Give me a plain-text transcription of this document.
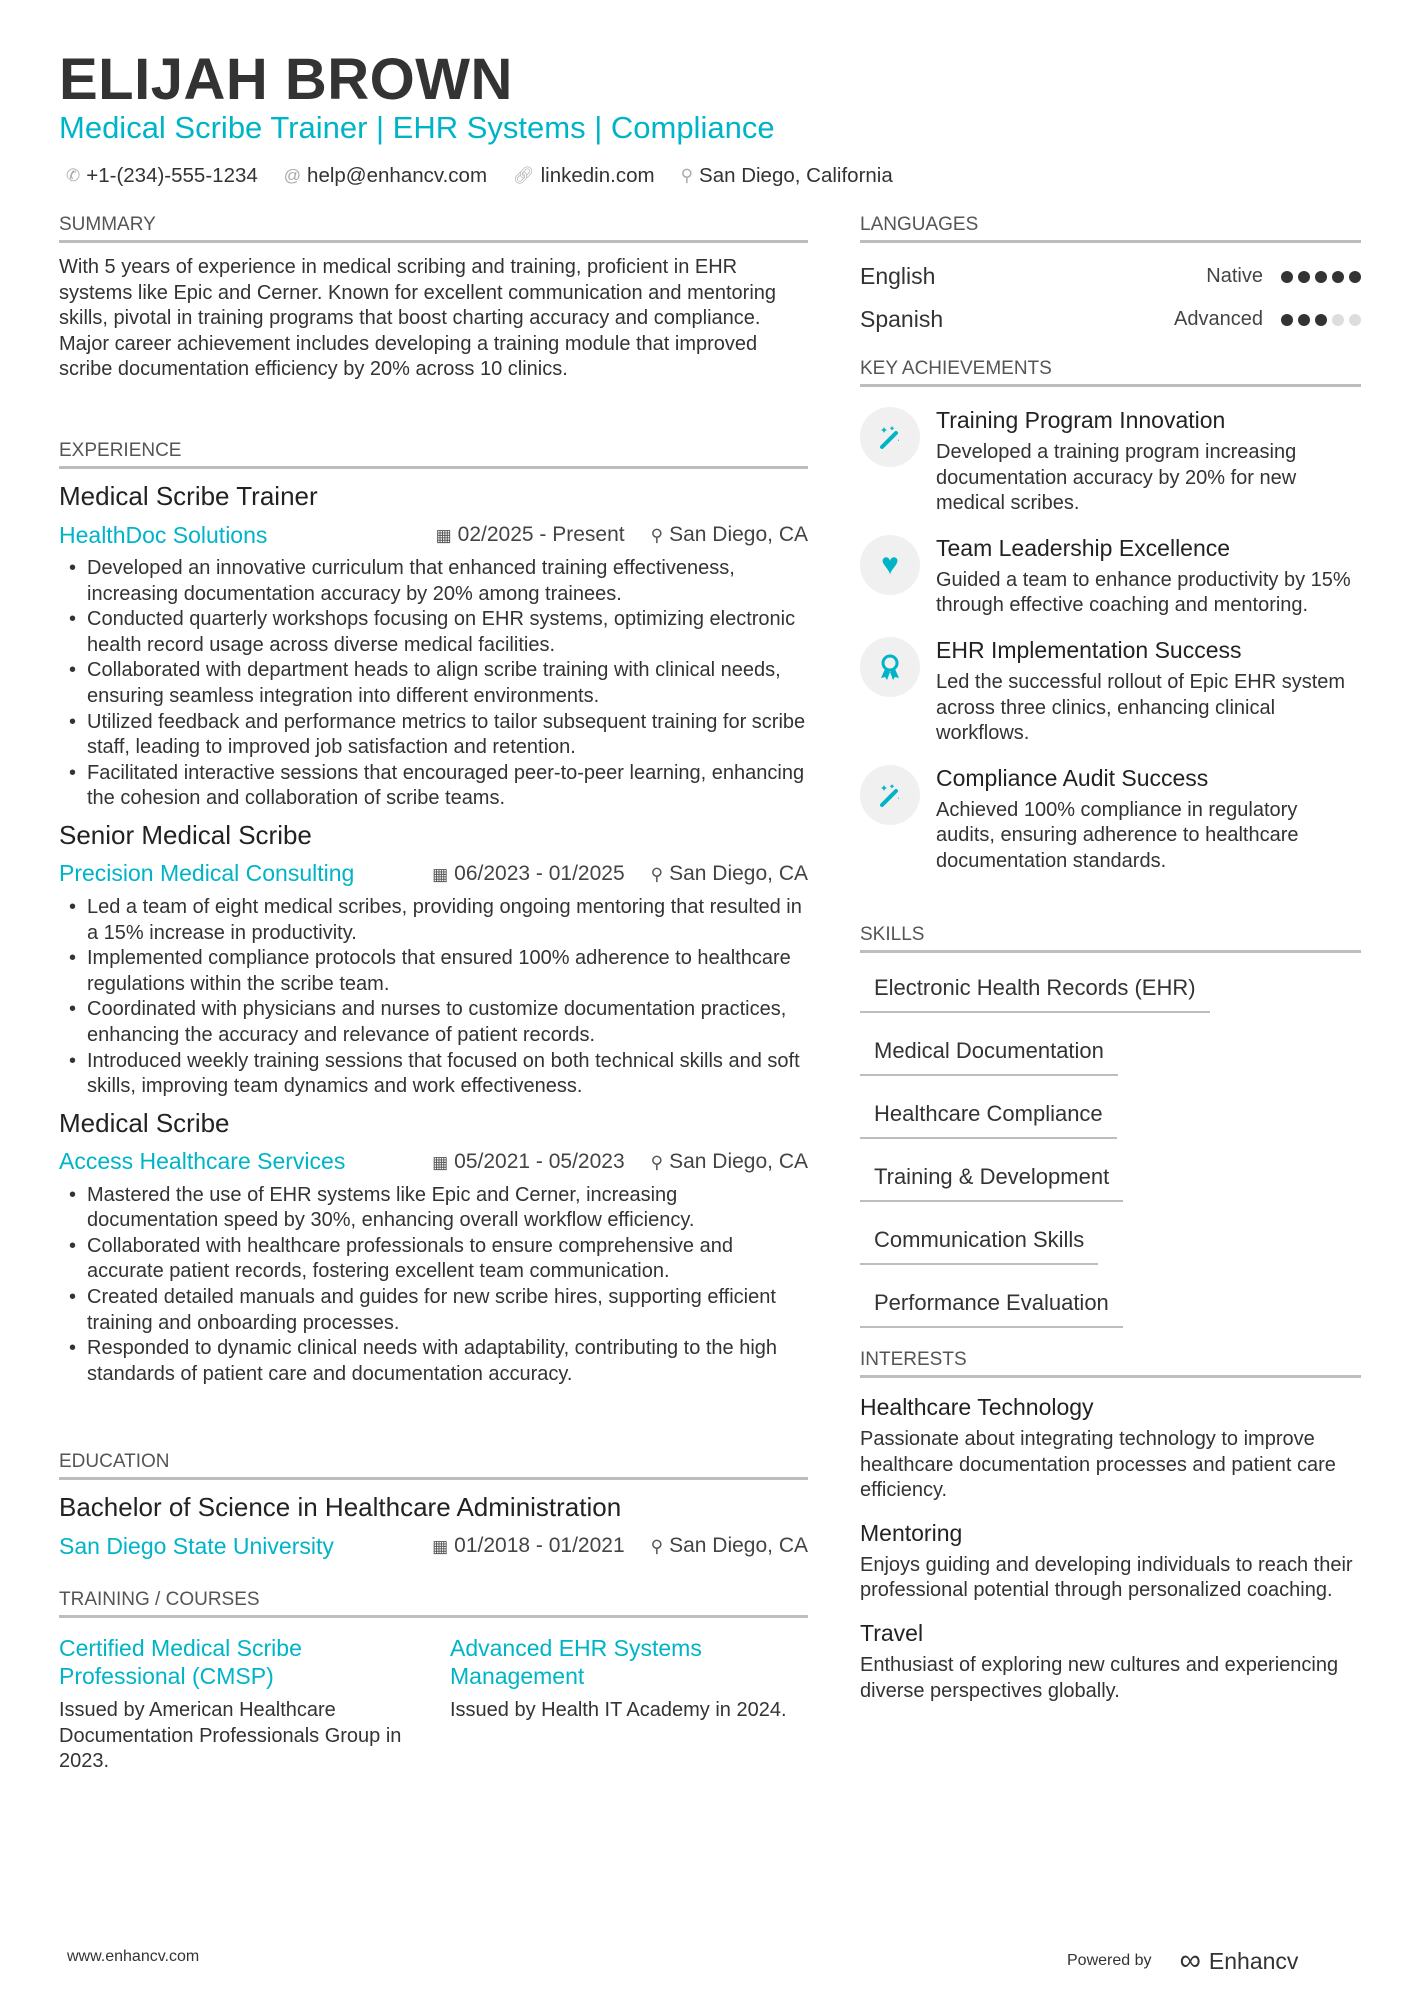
ELIJAH BROWN
Medical Scribe Trainer | EHR Systems | Compliance
✆ +1-(234)-555-1234 @ help@enhancv.com 🔗︎ linkedin.com ⚲ San Diego, California
SUMMARY
With 5 years of experience in medical scribing and training, proficient in EHR systems like Epic and Cerner. Known for excellent communication and mentoring skills, pivotal in training programs that boost charting accuracy and compliance. Major career achievement includes developing a training module that improved scribe documentation efficiency by 20% across 10 clinics.
EXPERIENCE
Medical Scribe Trainer
HealthDoc Solutions	▦ 02/2025 - Present ⚲ San Diego, CA
• Developed an innovative curriculum that enhanced training effectiveness, increasing documentation accuracy by 20% among trainees.
• Conducted quarterly workshops focusing on EHR systems, optimizing electronic health record usage across diverse medical facilities.
• Collaborated with department heads to align scribe training with clinical needs, ensuring seamless integration into different environments.
• Utilized feedback and performance metrics to tailor subsequent training for scribe staff, leading to improved job satisfaction and retention.
• Facilitated interactive sessions that encouraged peer-to-peer learning, enhancing the cohesion and collaboration of scribe teams.
Senior Medical Scribe
Precision Medical Consulting	▦ 06/2023 - 01/2025 ⚲ San Diego, CA
• Led a team of eight medical scribes, providing ongoing mentoring that resulted in a 15% increase in productivity.
• Implemented compliance protocols that ensured 100% adherence to healthcare regulations within the scribe team.
• Coordinated with physicians and nurses to customize documentation practices, enhancing the accuracy and relevance of patient records.
• Introduced weekly training sessions that focused on both technical skills and soft skills, improving team dynamics and work effectiveness.
Medical Scribe
Access Healthcare Services	▦ 05/2021 - 05/2023 ⚲ San Diego, CA
• Mastered the use of EHR systems like Epic and Cerner, increasing documentation speed by 30%, enhancing overall workflow efficiency.
• Collaborated with healthcare professionals to ensure comprehensive and accurate patient records, fostering excellent team communication.
• Created detailed manuals and guides for new scribe hires, supporting efficient training and onboarding processes.
• Responded to dynamic clinical needs with adaptability, contributing to the high standards of patient care and documentation accuracy.
EDUCATION
Bachelor of Science in Healthcare Administration
San Diego State University	▦ 01/2018 - 01/2021 ⚲ San Diego, CA
TRAINING / COURSES
Certified Medical Scribe Professional (CMSP)
Issued by American Healthcare Documentation Professionals Group in 2023.
Advanced EHR Systems Management
Issued by Health IT Academy in 2024.
LANGUAGES
English	Native
Spanish	Advanced
KEY ACHIEVEMENTS
Training Program Innovation
Developed a training program increasing documentation accuracy by 20% for new medical scribes.
♥ Team Leadership Excellence
Guided a team to enhance productivity by 15% through effective coaching and mentoring.
EHR Implementation Success
Led the successful rollout of Epic EHR system across three clinics, enhancing clinical workflows.
Compliance Audit Success
Achieved 100% compliance in regulatory audits, ensuring adherence to healthcare documentation standards.
SKILLS
Electronic Health Records (EHR)
Medical Documentation
Healthcare Compliance
Training & Development
Communication Skills
Performance Evaluation
INTERESTS
Healthcare Technology
Passionate about integrating technology to improve healthcare documentation processes and patient care efficiency.
Mentoring
Enjoys guiding and developing individuals to reach their professional potential through personalized coaching.
Travel
Enthusiast of exploring new cultures and experiencing diverse perspectives globally.
www.enhancv.com	Powered by ∞ Enhancv
